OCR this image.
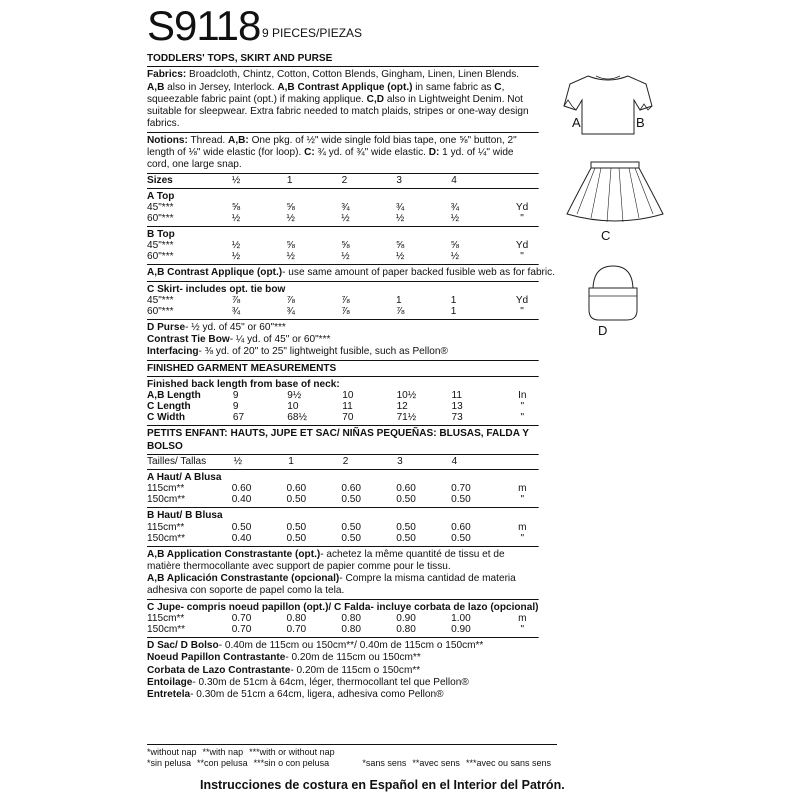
S9118 9 PIECES/PIEZAS
TODDLERS' TOPS, SKIRT AND PURSE

Fabrics: Broadcloth, Chintz, Cotton, Cotton Blends, Gingham, Linen, Linen Blends. A,B also in Jersey, Interlock. A,B Contrast Applique (opt.) in same fabric as C, squeezable fabric paint (opt.) if making applique. C,D also in Lightweight Denim. Not suitable for sleepwear. Extra fabric needed to match plaids, stripes or one-way design fabrics.

Notions: Thread. A,B: One pkg. of ½" wide single fold bias tape, one ⅝" button, 2" length of ⅛" wide elastic (for loop). C: ¾ yd. of ¾" wide elastic. D: 1 yd. of ¼" wide cord, one large snap.

Sizes	½	1	2	3	4	
A Top
45"***	⅝	⅝	¾	¾	¾	Yd
60"***	½	½	½	½	½	"
B Top
45"***	½	⅝	⅝	⅝	⅝	Yd
60"***	½	½	½	½	½	"
A,B Contrast Applique (opt.)- use same amount of paper backed fusible web as for fabric.
C Skirt- includes opt. tie bow
45"***	⅞	⅞	⅞	1	1	Yd
60"***	¾	¾	⅞	⅞	1	"
D Purse- ½ yd. of 45" or 60"***
Contrast Tie Bow- ¼ yd. of 45" or 60"***
Interfacing- ⅜ yd. of 20" to 25" lightweight fusible, such as Pellon®
FINISHED GARMENT MEASUREMENTS
Finished back length from base of neck:
A,B Length	9	9½	10	10½	11	In
C Length	9	10	11	12	13	"
C Width	67	68½	70	71½	73	"
PETITS ENFANT: HAUTS, JUPE ET SAC/ NIÑAS PEQUEÑAS: BLUSAS, FALDA Y BOLSO
Tailles/ Tallas	½	1	2	3	4	
A Haut/ A Blusa
115cm**	0.60	0.60	0.60	0.60	0.70	m
150cm**	0.40	0.50	0.50	0.50	0.50	"
B Haut/ B Blusa
115cm**	0.50	0.50	0.50	0.50	0.60	m
150cm**	0.40	0.50	0.50	0.50	0.50	"

A,B Application Constrastante (opt.)- achetez la même quantité de tissu et de matière thermocollante avec support de papier comme pour le tissu.

A,B Aplicación Constrastante (opcional)- Compre la misma cantidad de materia adhesiva con soporte de papel como la tela.

C Jupe- compris noeud papillon (opt.)/ C Falda- incluye corbata de lazo (opcional)
115cm**	0.70	0.80	0.80	0.90	1.00	m
150cm**	0.70	0.70	0.80	0.80	0.90	"
D Sac/ D Bolso- 0.40m de 115cm ou 150cm**/ 0.40m de 115cm o 150cm**
Noeud Papillon Contrastante- 0.20m de 115cm ou 150cm**
Corbata de Lazo Contrastante- 0.20m de 115cm o 150cm**
Entoilage- 0.30m de 51cm à 64cm, léger, thermocollant tel que Pellon®
Entretela- 0.30m de 51cm a 64cm, ligera, adhesiva como Pellon®
*without nap **with nap ***with or without nap
*sin pelusa **con pelusa ***sin o con pelusa	*sans sens **avec sens ***avec ou sans sens
Instrucciones de costura en Español en el Interior del Patrón.
A	B
C
D
